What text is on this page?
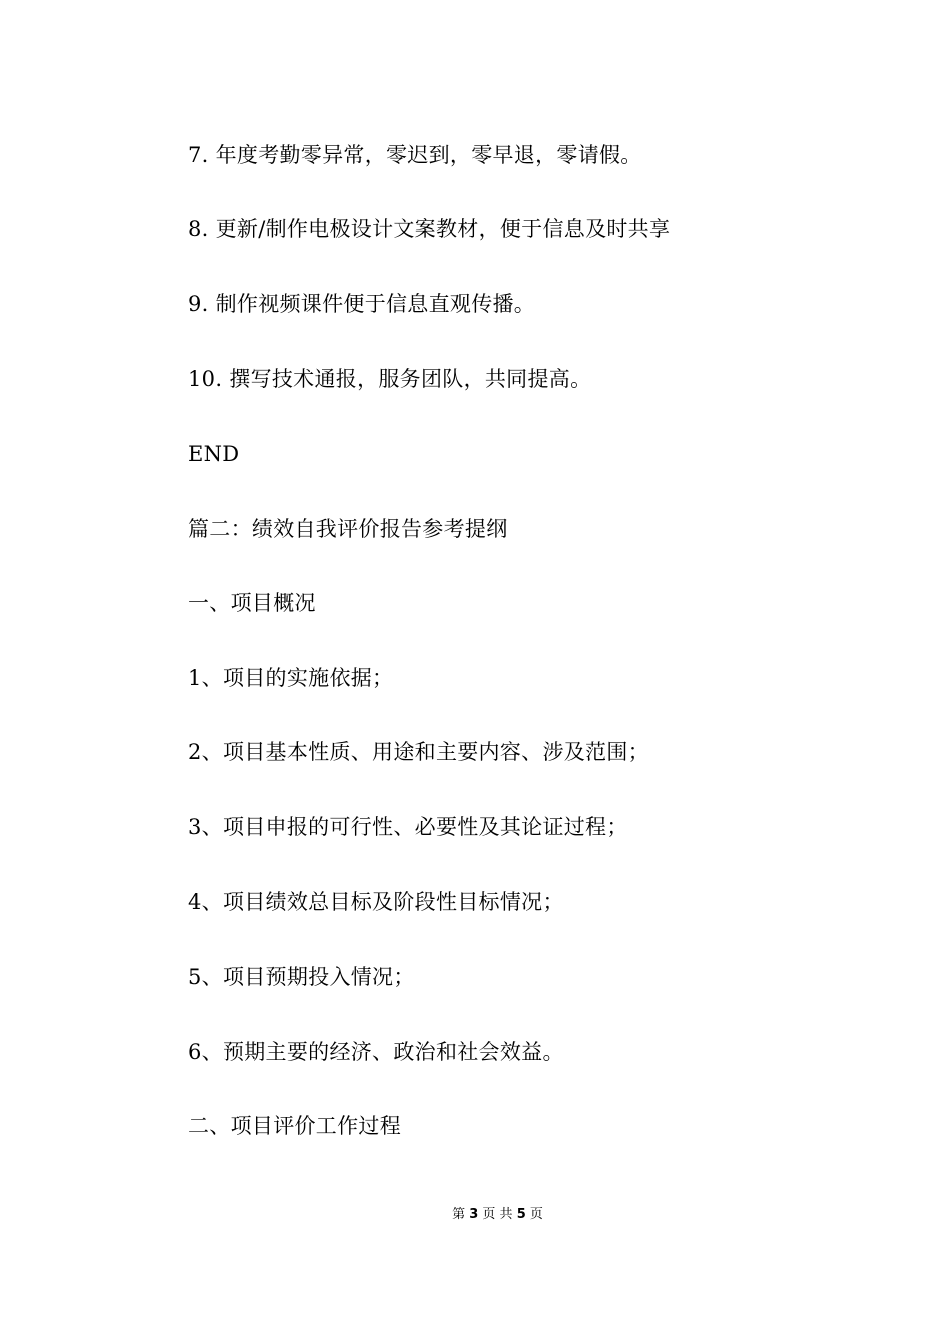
7. 年度考勤零异常，零迟到，零早退，零请假。
8. 更新/制作电极设计文案教材，便于信息及时共享
9. 制作视频课件便于信息直观传播。
10. 撰写技术通报，服务团队，共同提高。
END
篇二：绩效自我评价报告参考提纲
一、项目概况
1、项目的实施依据；
2、项目基本性质、用途和主要内容、涉及范围；
3、项目申报的可行性、必要性及其论证过程；
4、项目绩效总目标及阶段性目标情况；
5、项目预期投入情况；
6、预期主要的经济、政治和社会效益。
二、项目评价工作过程
第 3 页 共 5 页
